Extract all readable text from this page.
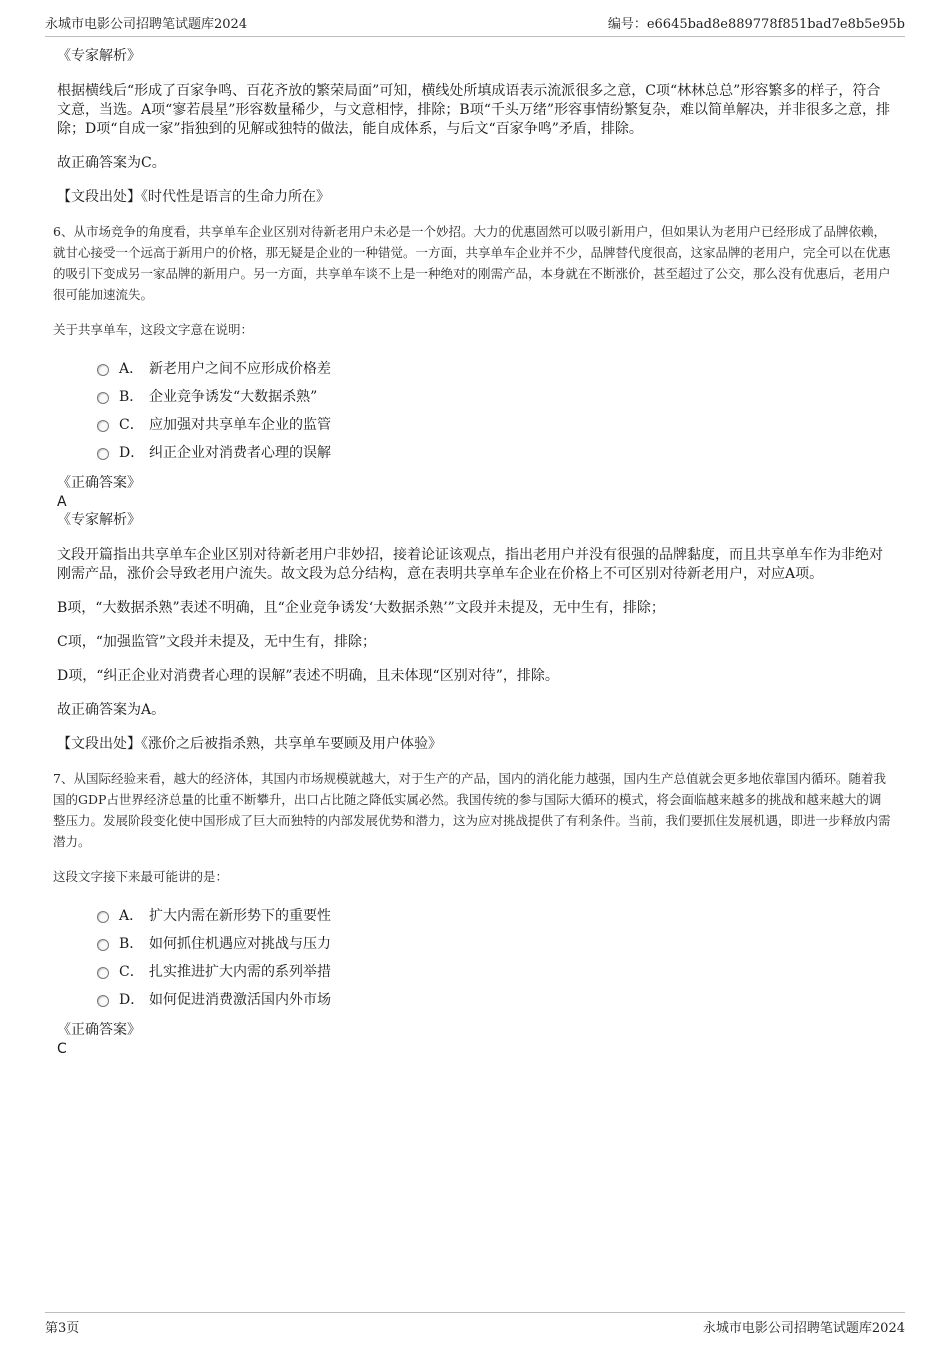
永城市电影公司招聘笔试题库2024	编号：e6645bad8e889778f851bad7e8b5e95b

《专家解析》

根据横线后“形成了百家争鸣、百花齐放的繁荣局面”可知，横线处所填成语表示流派很多之意，C项“林林总总”形容繁多的样子，符合文意，当选。A项“寥若晨星”形容数量稀少，与文意相悖，排除；B项“千头万绪”形容事情纷繁复杂，难以简单解决，并非很多之意，排除；D项“自成一家”指独到的见解或独特的做法，能自成体系，与后文“百家争鸣”矛盾，排除。

故正确答案为C。

【文段出处】《时代性是语言的生命力所在》

6、从市场竞争的角度看，共享单车企业区别对待新老用户未必是一个妙招。大力的优惠固然可以吸引新用户，但如果认为老用户已经形成了品牌依赖，就甘心接受一个远高于新用户的价格，那无疑是企业的一种错觉。一方面，共享单车企业并不少，品牌替代度很高，这家品牌的老用户，完全可以在优惠的吸引下变成另一家品牌的新用户。另一方面，共享单车谈不上是一种绝对的刚需产品，本身就在不断涨价，甚至超过了公交，那么没有优惠后，老用户很可能加速流失。

关于共享单车，这段文字意在说明：

A． 新老用户之间不应形成价格差
B． 企业竞争诱发“大数据杀熟”
C． 应加强对共享单车企业的监管
D． 纠正企业对消费者心理的误解

《正确答案》

A

《专家解析》

文段开篇指出共享单车企业区别对待新老用户非妙招，接着论证该观点，指出老用户并没有很强的品牌黏度，而且共享单车作为非绝对刚需产品，涨价会导致老用户流失。故文段为总分结构，意在表明共享单车企业在价格上不可区别对待新老用户，对应A项。

B项，“大数据杀熟”表述不明确，且“企业竞争诱发‘大数据杀熟’”文段并未提及，无中生有，排除；

C项，“加强监管”文段并未提及，无中生有，排除；

D项，“纠正企业对消费者心理的误解”表述不明确，且未体现“区别对待”，排除。

故正确答案为A。

【文段出处】《涨价之后被指杀熟，共享单车要顾及用户体验》

7、从国际经验来看，越大的经济体，其国内市场规模就越大，对于生产的产品，国内的消化能力越强，国内生产总值就会更多地依靠国内循环。随着我国的GDP占世界经济总量的比重不断攀升，出口占比随之降低实属必然。我国传统的参与国际大循环的模式，将会面临越来越多的挑战和越来越大的调整压力。发展阶段变化使中国形成了巨大而独特的内部发展优势和潜力，这为应对挑战提供了有利条件。当前，我们要抓住发展机遇，即进一步释放内需潜力。

这段文字接下来最可能讲的是：

A． 扩大内需在新形势下的重要性
B． 如何抓住机遇应对挑战与压力
C． 扎实推进扩大内需的系列举措
D． 如何促进消费激活国内外市场

《正确答案》

C

第3页	永城市电影公司招聘笔试题库2024
